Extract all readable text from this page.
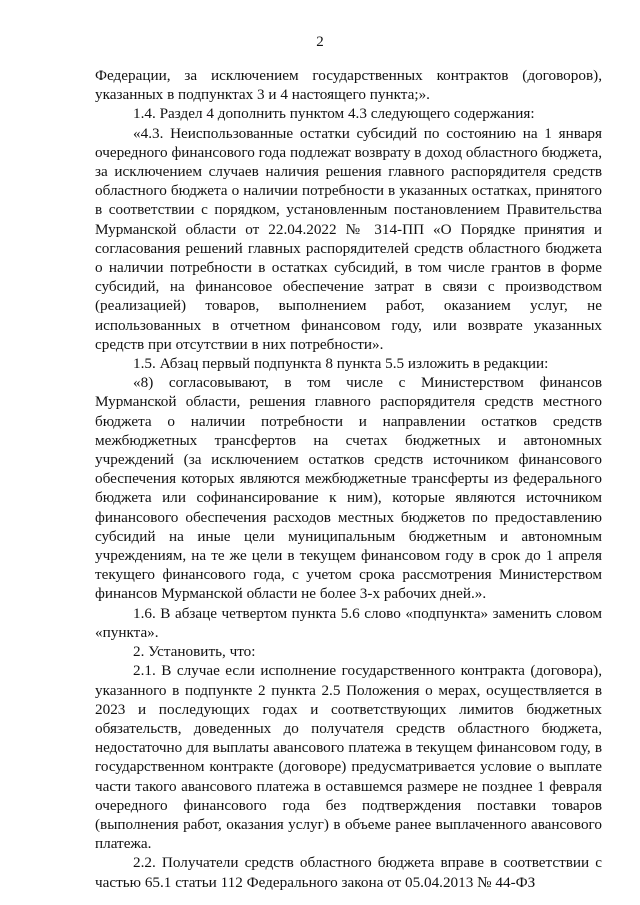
2

Федерации, за исключением государственных контрактов (договоров), указанных в подпунктах 3 и 4 настоящего пункта;».

1.4. Раздел 4 дополнить пунктом 4.3 следующего содержания:

«4.3. Неиспользованные остатки субсидий по состоянию на 1 января очередного финансового года подлежат возврату в доход областного бюджета, за исключением случаев наличия решения главного распорядителя средств областного бюджета о наличии потребности в указанных остатках, принятого в соответствии с порядком, установленным постановлением Правительства Мурманской области от 22.04.2022 № 314-ПП «О Порядке принятия и согласования решений главных распорядителей средств областного бюджета о наличии потребности в остатках субсидий, в том числе грантов в форме субсидий, на финансовое обеспечение затрат в связи с производством (реализацией) товаров, выполнением работ, оказанием услуг, не использованных в отчетном финансовом году, или возврате указанных средств при отсутствии в них потребности».

1.5. Абзац первый подпункта 8 пункта 5.5 изложить в редакции:

«8) согласовывают, в том числе с Министерством финансов Мурманской области, решения главного распорядителя средств местного бюджета о наличии потребности и направлении остатков средств межбюджетных трансфертов на счетах бюджетных и автономных учреждений (за исключением остатков средств источником финансового обеспечения которых являются межбюджетные трансферты из федерального бюджета или софинансирование к ним), которые являются источником финансового обеспечения расходов местных бюджетов по предоставлению субсидий на иные цели муниципальным бюджетным и автономным учреждениям, на те же цели в текущем финансовом году в срок до 1 апреля текущего финансового года, с учетом срока рассмотрения Министерством финансов Мурманской области не более 3-х рабочих дней.».

1.6. В абзаце четвертом пункта 5.6 слово «подпункта» заменить словом «пункта».

2. Установить, что:

2.1. В случае если исполнение государственного контракта (договора), указанного в подпункте 2 пункта 2.5 Положения о мерах, осуществляется в 2023 и последующих годах и соответствующих лимитов бюджетных обязательств, доведенных до получателя средств областного бюджета, недостаточно для выплаты авансового платежа в текущем финансовом году, в государственном контракте (договоре) предусматривается условие о выплате части такого авансового платежа в оставшемся размере не позднее 1 февраля очередного финансового года без подтверждения поставки товаров (выполнения работ, оказания услуг) в объеме ранее выплаченного авансового платежа.

2.2. Получатели средств областного бюджета вправе в соответствии с частью 65.1 статьи 112 Федерального закона от 05.04.2013 № 44-ФЗ
